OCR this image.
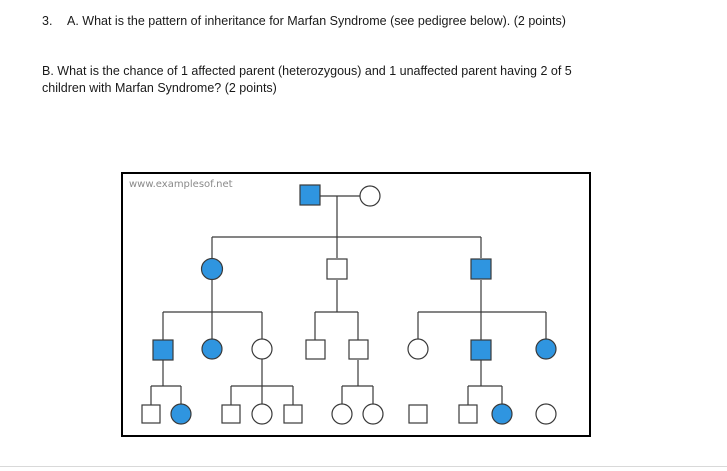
3. A. What is the pattern of inheritance for Marfan Syndrome (see pedigree below). (2 points)
B. What is the chance of 1 affected parent (heterozygous) and 1 unaffected parent having 2 of 5
children with Marfan Syndrome? (2 points)
www.examplesof.net
